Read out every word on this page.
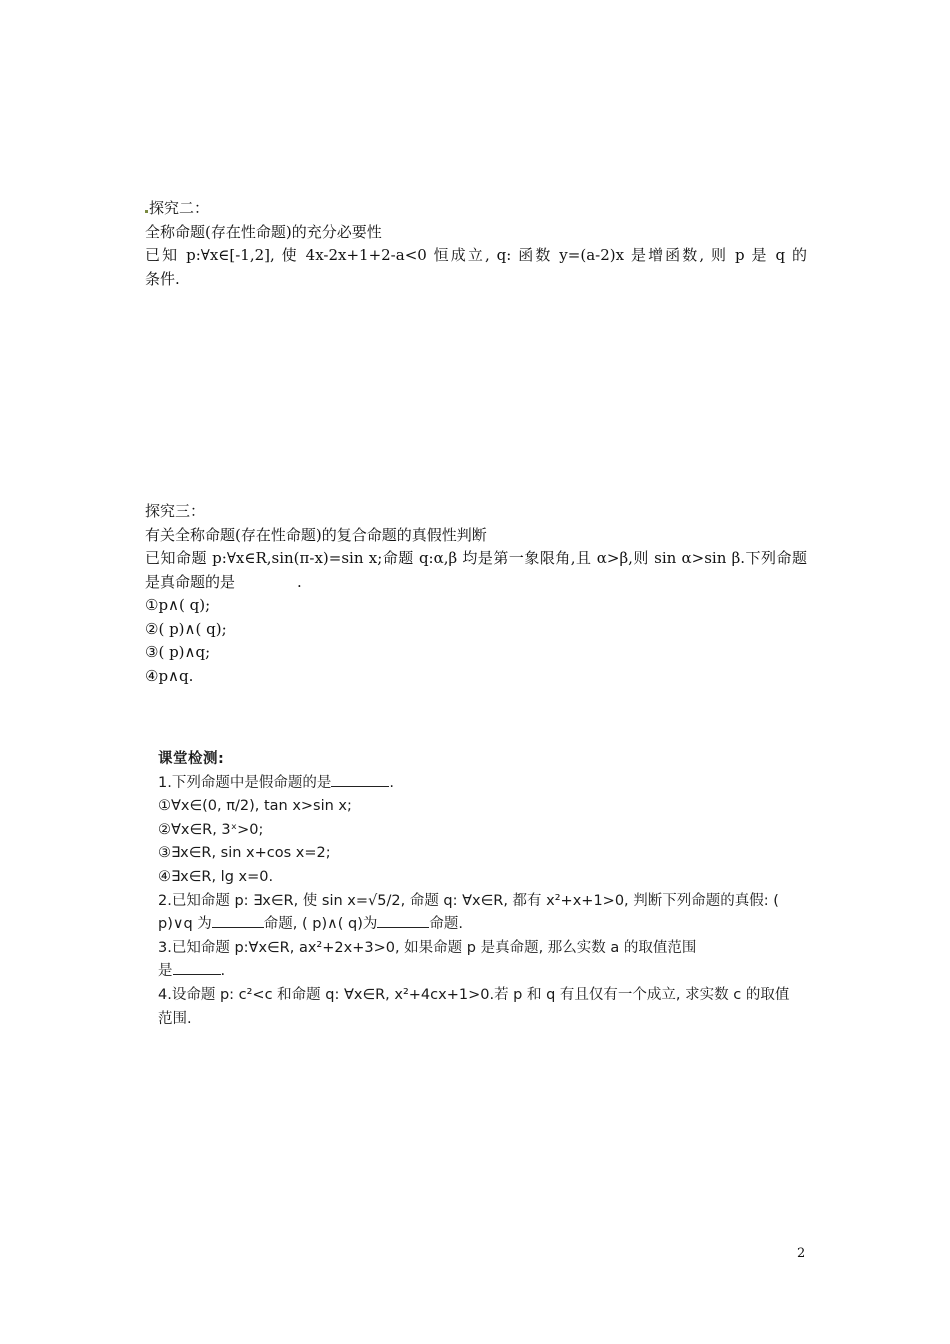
探究二：
全称命题(存在性命题)的充分必要性
已知 p:∀x∈[-1,2], 使 4x-2x+1+2-a<0 恒成立, q: 函数 y=(a-2)x 是增函数, 则 p 是 q 的
条件.
探究三：
有关全称命题(存在性命题)的复合命题的真假性判断
已知命题 p:∀x∈R,sin(π-x)=sin x;命题 q:α,β 均是第一象限角,且 α>β,则 sin α>sin β.下列命题
是真命题的是	.
①p∧( q);
②( p)∧( q);
③( p)∧q;
④p∧q.
课堂检测:
1.下列命题中是假命题的是	.
①∀x∈(0, π/2), tan x>sin x;
②∀x∈R, 3ˣ>0;
③∃x∈R, sin x+cos x=2;
④∃x∈R, lg x=0.
2.已知命题 p: ∃x∈R, 使 sin x=√5/2, 命题 q: ∀x∈R, 都有 x²+x+1>0, 判断下列命题的真假: (
p)∨q 为	命题, ( p)∧( q)为	命题.
3.已知命题 p:∀x∈R, ax²+2x+3>0, 如果命题 p 是真命题, 那么实数 a 的取值范围
是	.
4.设命题 p: c²<c 和命题 q: ∀x∈R, x²+4cx+1>0.若 p 和 q 有且仅有一个成立, 求实数 c 的取值
范围.
2
